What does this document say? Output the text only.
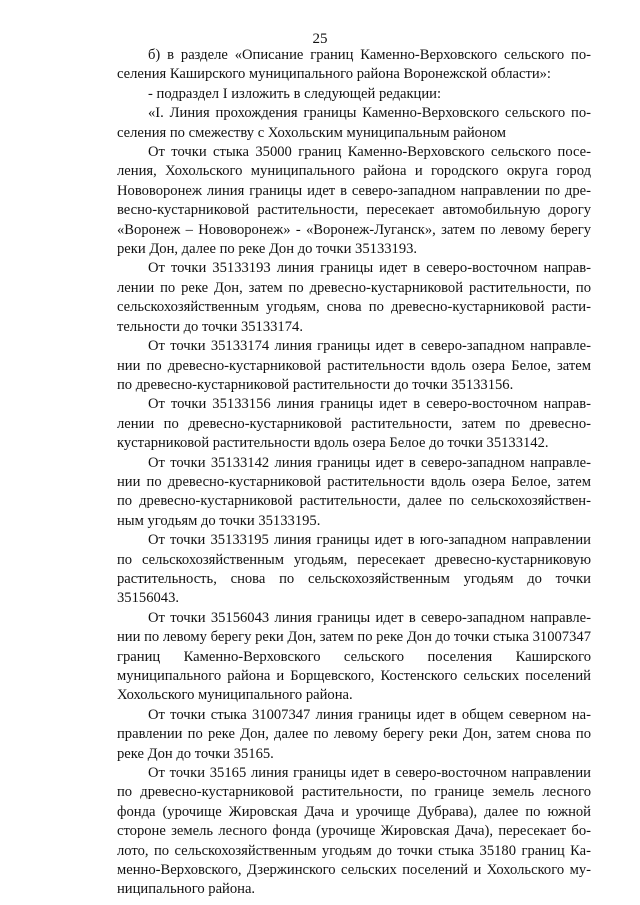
25

б) в разделе «Описание границ Каменно-Верховского сельского поселения Каширского муниципального района Воронежской области»:

- подраздел I изложить в следующей редакции:

«I. Линия прохождения границы Каменно-Верховского сельского поселения по смежеству с Хохольским муниципальным районом

От точки стыка 35000 границ Каменно-Верховского сельского поселения, Хохольского муниципального района и городского округа город Нововоронеж линия границы идет в северо-западном направлении по древесно-кустарниковой растительности, пересекает автомобильную дорогу «Воронеж – Нововоронеж» - «Воронеж-Луганск», затем по левому берегу реки Дон, далее по реке Дон до точки 35133193.

От точки 35133193 линия границы идет в северо-восточном направлении по реке Дон, затем по древесно-кустарниковой растительности, по сельскохозяйственным угодьям, снова по древесно-кустарниковой растительности до точки 35133174.

От точки 35133174 линия границы идет в северо-западном направлении по древесно-кустарниковой растительности вдоль озера Белое, затем по древесно-кустарниковой растительности до точки 35133156.

От точки 35133156 линия границы идет в северо-восточном направлении по древесно-кустарниковой растительности, затем по древесно-кустарниковой растительности вдоль озера Белое до точки 35133142.

От точки 35133142 линия границы идет в северо-западном направлении по древесно-кустарниковой растительности вдоль озера Белое, затем по древесно-кустарниковой растительности, далее по сельскохозяйственным угодьям до точки 35133195.

От точки 35133195 линия границы идет в юго-западном направлении по сельскохозяйственным угодьям, пересекает древесно-кустарниковую растительность, снова по сельскохозяйственным угодьям до точки 35156043.

От точки 35156043 линия границы идет в северо-западном направлении по левому берегу реки Дон, затем по реке Дон до точки стыка 31007347 границ Каменно-Верховского сельского поселения Каширского муниципального района и Борщевского, Костенского сельских поселений Хохольского муниципального района.

От точки стыка 31007347 линия границы идет в общем северном направлении по реке Дон, далее по левому берегу реки Дон, затем снова по реке Дон до точки 35165.

От точки 35165 линия границы идет в северо-восточном направлении по древесно-кустарниковой растительности, по границе земель лесного фонда (урочище Жировская Дача и урочище Дубрава), далее по южной стороне земель лесного фонда (урочище Жировская Дача), пересекает болото, по сельскохозяйственным угодьям до точки стыка 35180 границ Каменно-Верховского, Дзержинского сельских поселений и Хохольского муниципального района.
